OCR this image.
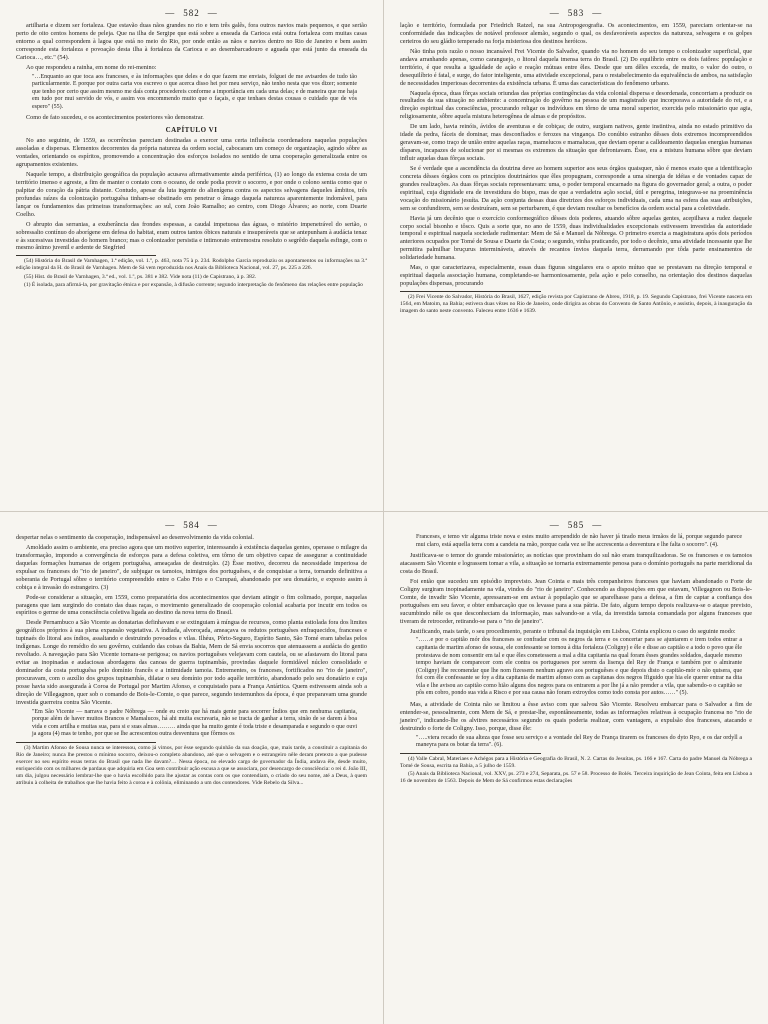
— 582 —

artilharia e dizem ser fortaleza. Que estavão duas nãos grandes no rio e tem três galês, fora outros navios mais pequenos, e que serião perto de oito centos homens de peleja. Que na ilha de Sergipe que está sobre a enseada da Carioca está outra fortaleza com muitas casas entorno a qual correspondem à lagoa que está no meio do Rio, por onde então as nãos e navios dentro no Rio de Janeiro e bem assim corresponde esta fortaleza e povoação desta ilha à fortaleza da Carioca e ao desembarcadouro e aguada que está junto da enseada da Carioca…, etc." (54).

Ao que respondeu a rainha, em nome do rei-menino:

"…Enquanto ao que toca aos franceses, e às informações que deles e do que fazem me enviais, folguei de me avisardes de tudo tão particularmente. E porque por outra carta vos escrevo o que acerca disso hei por meu serviço, não tenho nesta que vos dizer; somente que tenho por certo que assim mesmo me daís conta procedereis conforme a importância em cada uma delas; e de maneira que me haja em tudo por mui servido de vós, e assim vos encommendo muito que o façais, e que tenhaes destas cousas o cuidado que de vós espero" (55).

Como de fato sucedeu, e os acontecimentos posteriores vão demonstrar.

CAPÍTULO VI

No ano seguinte, de 1559, as ocorrências pareciam destinadas a exercer uma certa influência coordenadora naquelas populações assoladas e dispersas. Elementos decorrentes da própria natureza da ordem social, cabocaram um começo de organização, agindo sôbre as vontades, orientando os espíritos, promovendo a concentração dos esforços isolados no sentido de uma cooperação generalizada entre os agrupamentos existentes.

Naquele tempo, a distribuição geográfica da população acusava afirmativamente ainda periférica, (1) ao longo da extensa costa de um território imenso e agreste, a fim de manter o contato com o oceano, de onde podia provir o socorro, e por onde o colono sentia como que o palpitar do coração da pátria distante. Contudo, apesar da luta ingente do alienígena contra os aspectos selvagens daqueles âmbitos, três profundas raízes da colonização portuguêsa tinham-se obstinado em penetrar o âmago daquela natureza aparentemente indomável, para lançar os fundamentos das primeiras transformações: ao sul, com João Ramalho; ao centro, com Diogo Álvares; ao norte, com Duarte Coelho.

O abrupto das serranias, a exuberância das frondes espessas, a caudal impetuosa das águas, o mistério impenetrável do sertão, o sobressalto contínuo do aborígene em defesa do habitat, eram outros tantos óbices naturais e insuperáveis que se antepunham à audácia tenaz e às sucessivas investidas do homem branco; mas o colonizador persistia e intimorato entremostra resoluto o segrêdo daquela esfinge, com o mesmo ânimo juvenil e ardente de Siegfried

(54) História do Brasil de Varnhagen, 1.ª edição, vol. 1.º, p. 463, nota 75 à p. 234. Rodolpho Garcia reproduziu os apontamentos ou informações na 3.ª edição integral da H. do Brasil de Varnhagen. Mem de Sá vem reproduzida nos Anais da Biblioteca Nacional, vol. 27, ps. 225 a 226.

(55) Hist. do Brasil de Varnhagen, 3.ª ed., vol. 1.º, ps. 381 e 382. Vide nota (11) de Capistrano, à p. 382.

(1) É isolada, para afirmá-la, por gravitação étnica e por expansão, à difusão corrente; segundo interpretação do fenômeno das relações entre população

— 583 —

lação e território, formulada por Friedrich Ratzel, na sua Antropogeografia. Os acontecimentos, em 1559, pareciam orientar-se na conformidade das indicações de notável professor alemão, segundo o qual, os desfavoráveis aspectos da natureza, selvagens e os golpes certeiros do seu gládio temperado na forja misteriosa dos destinos heróicos.

Não tinha pois razão o nosso incansável Frei Vicente do Salvador, quando via no homem do seu tempo o colonizador superficial, que andava arranhando apenas, como caranguejo, o litoral daquela imensa terra do Brasil. (2) Do equilíbrio entre os dois fatôres: população e território, é que resulta a igualdade de ação e reação mútuas entre êles. Desde que um dêles exceda, de muito, o valor do outro, o desequilíbrio é fatal, e surge, do fator inteligente, uma atividade excepcional, para o restabelecimento da equivalência de ambos, na satisfação de necessidades imperiosas decorrentes da existência urbana. É uma das características do fenômeno urbano.

Naquela época, duas fôrças sociais oriundas das próprias contingências da vida colonial dispersa e desordenada, concorriam a produzir os resultados da sua situação no ambiente: a concentração do govêrno na pessoa de um magistrado que incorporava a autoridade do rei, e a direção espiritual das consciências, procurando religar os indivíduos em tôrno de uma moral superior, exercida pelo missionário que agia, religiosamente, sôbre aquela mistura heterogênea de almas e de propósitos.

De um lado, havia reinóis, ávidos de aventuras e de cobiças; de outro, surgiam nativos, gente instintiva, ainda no estado primitivo da idade da pedra, fáceis de dominar, mas desconfiados e ferozes na vingança. Do conúbio estranho dêsses dois extremos incompreendidos geravam-se, como traço de união entre aquelas raças, mamelucos e mamalucas, que deviam operar a calldeamento daquelas energias humanas díspares, incapazes de solucionar por si mesmas os extremos da situação que defrontavam. Êsse, era a mistura humana sôbre que deviam influir aquelas duas fôrças sociais.

Se é verdade que a ascendência da doutrina deve ao homem superior aos seus órgãos quaisquer, não é menos exato que a identificação concreta dêsses órgãos com os princípios doutrinários que êles propugnam, corresponde a uma sinergia de idéias e de vontades capaz de grandes realizações. As duas fôrças sociais representavam: uma, o poder temporal encarnado na figura do governador geral; a outra, o poder espiritual, cuja dignidade era de investidura do bispo, mas de que a verdadeira ação social, útil e peregrina, integrava-se na proeminência vocação do missionário jesuíta. Da ação conjunta dessas duas diretrizes dos esforços individuais, cada uma na esfera das suas atribuições, sem se confundirem, sem se destruíram, sem se perturbarem, é que deviam resultar os benefícios da ordem social para a coletividade.

Havia já um decênio que o exercício conformegráfico dêsses dois poderes, atuando sôbre aquelas gentes, acepilhava a rudez daquele corpo social bisonho e tôsco. Quis a sorte que, no ano de 1559, duas individualidades excepcionais estivessem investidas da autoridade temporal e espiritual naquela sociedade rudimentar: Mem de Sá e Manuel da Nóbrega. O primeiro exercia a magistratura após dois períodos anteriores ocupados por Tomé de Sousa e Duarte da Costa; o segundo, vinha praticando, por todo o decênio, uma atividade incessante que lhe permitira palmilhar bruçurus intermináveis, através de recantos ínvios daquela terra, derramando por tôda parte ensinamentos de solidariedade humana.

Mas, o que caracterizava, especialmente, essas duas figuras singulares era o apoio mútuo que se prestavam na direção temporal e espiritual daquela associação humana, completando-se harmoniosamente, pela ação e pelo conselho, na orientação dos destinos daquelas populações dispersas, procurando

(2) Frei Vicente do Salvador, História do Brasil, 1627, edição revista por Capistrano de Abreu, 1918, p. 19. Segundo Capistrano, frei Vicente nascera em 1564, em Matoim, na Bahia; estivera duas vêzes no Rio de Janeiro, onde dirigira as obras do Convento de Santo Antônio, e assistiu, depois, à inauguração da imagem do santo neste convento. Faleceu entre 1636 e 1639.

— 584 —

despertar nelas o sentimento da cooperação, indispensável ao desenvolvimento da vida colonial.

Amoldado assim o ambiente, era preciso agora que um motivo superior, interessando à existência daquelas gentes, operasse o milagre da transformação, impondo a convergência de esforços para a defesa coletiva, em tôrno de um objetivo capaz de assegurar a continuidade daquelas formações humanas de origem portuguêsa, ameaçadas de destruição. (2) Êsse motivo, decorreu da necessidade imperiosa de expulsar os franceses do "rio de janeiro", de subjugar os tamoios, inimigos dos portuguêses, e de conquistar a terra, tornando definitiva a soberania de Portugal sôbre o território compreendido entre o Cabo Frio e o Curupaú, abandonado por seu donatário, e exposto assim à cobiça e à invasão do estrangeiro. (3)

Pode-se considerar a situação, em 1559, como preparatória dos acontecimentos que deviam atingir o fim colimado, porque, naquelas paragens que iam surgindo do contato das duas raças, o movimento generalizado de cooperação colonial acabaria por incutir em todos os espíritos o germe de uma consciência coletiva ligada ao destino da nova terra do Brasil.

Desde Pernambuco a São Vicente as donatarias definhavam e se extinguiam à míngua de recursos, como planta estiolada fora dos limites geográficos próprios à sua plena expansão vegetativa. A índiada, alvoroçada, ameaçava os redutos portuguêses enfraquecidos, franceses e tupinaés do litoral aos índios, assaltando e destruindo povoados e vilas. Ilhéus, Pôrto-Seguro, Espírito Santo, São Tomé eram tabelas pelos indígenas. Longe do remédio do seu govêrno, cuidando das coisas da Bahia, Mem de Sá envia socorros que atenuassem a audácia do gentio revoltado. A navegação para São Vicente tornara-se perigosa; os navios portuguêses velejavam com cautela, ou se afastavam do litoral para evitar as inopinadas e audaciosas abordagens das canoas de guerra tupinambás, provindas daquele formidável núcleo consolidado e dominador da costa portuguêsa pelo domínio francês e a intimidade tamoia. Entrementes, os franceses, fortificados no "rio de janeiro", procuravam, com o auxílio dos grupos tupinambás, dilatar o seu domínio por todo aquêle território, abandonado pelo seu donatário e cuja posse havia sido assegurada à Coroa de Portugal por Martim Afonso, e conquistado para a França Antártica. Quem estivessem ainda sob a direção de Villegagnon, quer sob o comando de Bois-le-Comte, o que parece, segundo testemunhos da época, é que preparavam uma grande investida guerreira contra São Vicente.

"Em São Vicente — narrava o padre Nóbrega — onde eu creio que há mais gente para socorrer Índios que em nenhuma capitania, porque além de haver muitos Brancos e Mamalucos, há ahi muita escravaria, não se tracta de ganhar a terra, sinão de se darem á boa vida e com artilha e muitas sua, para si e suas almas……… ainda que ha muito gente é toda triste e desamparada e segundo o que ouvi ja agora (4) mas te tenho, por que se lhe acrescentou outra desventura que fôrmos os

(3) Martim Afonso de Sousa nunca se interessou, como já vimos, por êsse segundo quinhão da sua doação, que, mais tarde, a constituir a capitania do Rio de Janeiro; nunca lhe prestou o mínimo socorro, deixou-o completo abandono, até que o selvagem e o estrangeiro nêle deram pretexto a que pudesse exercer no seu espírito essas terras do Brasil que nada lhe davam?… Nessa época, no elevado cargo de governador da Índia, andava êle, desde muito, enriquecido com os milhares de pardaus que adquiria em Goa sem contribuir ação escusa a que se associara, por desencargo de consciência: o rei d. João III, um dia, julgou necessário lembrar-lhe que o havia escolhido para lhe ajustar as contas com os que contendiam, o criado do seu nome, até a Deus, à quem atribuiu à colheita de trabalhos que lhe havia feito à coroa e à colônia, eliminando a um dos contendores. Vide Rebelo da Silva...

— 585 —

Franceses, e temo vir alguma triste nova e estes muito arrependido de não haver já tirado meus irmãos de lá, porque segundo parece mui claro, está aquella terra com a candeia na mão, porque cada vez se lhe accrescenta a desventura e lhe falta o socorro". (4).

Justificava-se o temor do grande missionário; as notícias que provinham do sul não eram tranquilizadoras. Se os franceses e os tamoios atacassem São Vicente e lograssem tomar a vila, a situação se tornaria extremamente penosa para o domínio português na parte meridional da costa do Brasil.

Foi então que sucedeu um episódio imprevisto. Jean Cointa e mais três companheiros franceses que haviam abandonado o Forte de Coligny surgiram inopinadamente na vila, vindos do "rio de janeiro". Conhecendo as disposições em que estavam, Villegagnon ou Bois-le-Comte, de invadir São Vicente, apressaram-se em avisar à população que se aparelhasse para a defesa, a fim de captar a confiança dos portuguêses em seu favor, e obter embarcação que os levasse para a sua pátria. De fato, algum tempo depois realizava-se o ataque previsto, sucumbindo nêle os que desconheciam da informação, mas salvando-se a vila, da investida tamoia comandada por alguns franceses que tiveram de retroceder, retirando-se para o "rio de janeiro".

Justificando, mais tarde, o seu procedimento, perante o tribunal da inquisição em Lisboa, Cointa explicou o caso do seguinte modo:

"……e por o capitão mór dos franceses se confradar com os negros da terra e os concertar para se ajuntarem e irem todos entrar a capitania de martim afonso de sousa, ele confessante se tornou à dita fortaleza (Coligny) e êle e disse ao capitão e a todo o povo que êle protestava de nom consentir em tal e que êles cometessem a mal a dita capitania na qual foram êsses grandes soldados, daquele mesmo tempo haviam de comparecer com ele contra os portugueses por serem da lisença del Rey de França e também por o almirante (Coligny) lhe recomendar que lhe nom fizessem nenhum agravo aos portuguêses e que depois disto o capitão-mór o não quisera, que foi com êle confessante se foy a dita capitania de martim afonso com as capitanas dos negros Ifiguido que hia ele querer entrar na dita vila e lhe avisou ao capitão como hião alguns dos negros para os entrarem a por lhe já a não prender a vila, que sabendo-o o capitão se pôs em cobro, pondo sua vida a Risco e por sua causa não foram extroydos como todo consta por autos……" (5).

Mas, a atividade de Cointa não se limitou a êsse aviso com que salvou São Vicente. Resolveu embarcar para o Salvador a fim de entender-se, pessoalmente, com Mem de Sá, e prestar-lhe, espontâneamente, todas as informações relativas à ocupação francesa no "rio de janeiro", indicando-lhe os alvitres necessários segundo os quais poderia realizar, com vantagem, a expulsão dos franceses, atacando e destruindo o forte de Coligny. Isso, porque, disse êle:

"…..viera recado de sua alteza que fosse seu serviço e a vontade del Rey de França tirarem os franceses do dyto Ryo, e os dar ordyll a maneyra para os botar da terra". (6).

(4) Valle Cabral, Materiaes e Achégos para a História e Geografia do Brasil, N. 2. Cartas do Jesuítas, ps. 166 e 167. Carta do padre Manuel da Nóbrega a Tomé de Sousa, escrita na Bahia, a 5 julho de 1559.

(5) Anais da Biblioteca Nacional, vol. XXV, ps. 273 e 274, Separata, ps. 57 e 58. Processo de Bolés. Terceira inquirição de Jean Cointa, feita em Lisboa a 16 de novembro de 1563. Depois de Mem de Sá confirmou estas declarações
